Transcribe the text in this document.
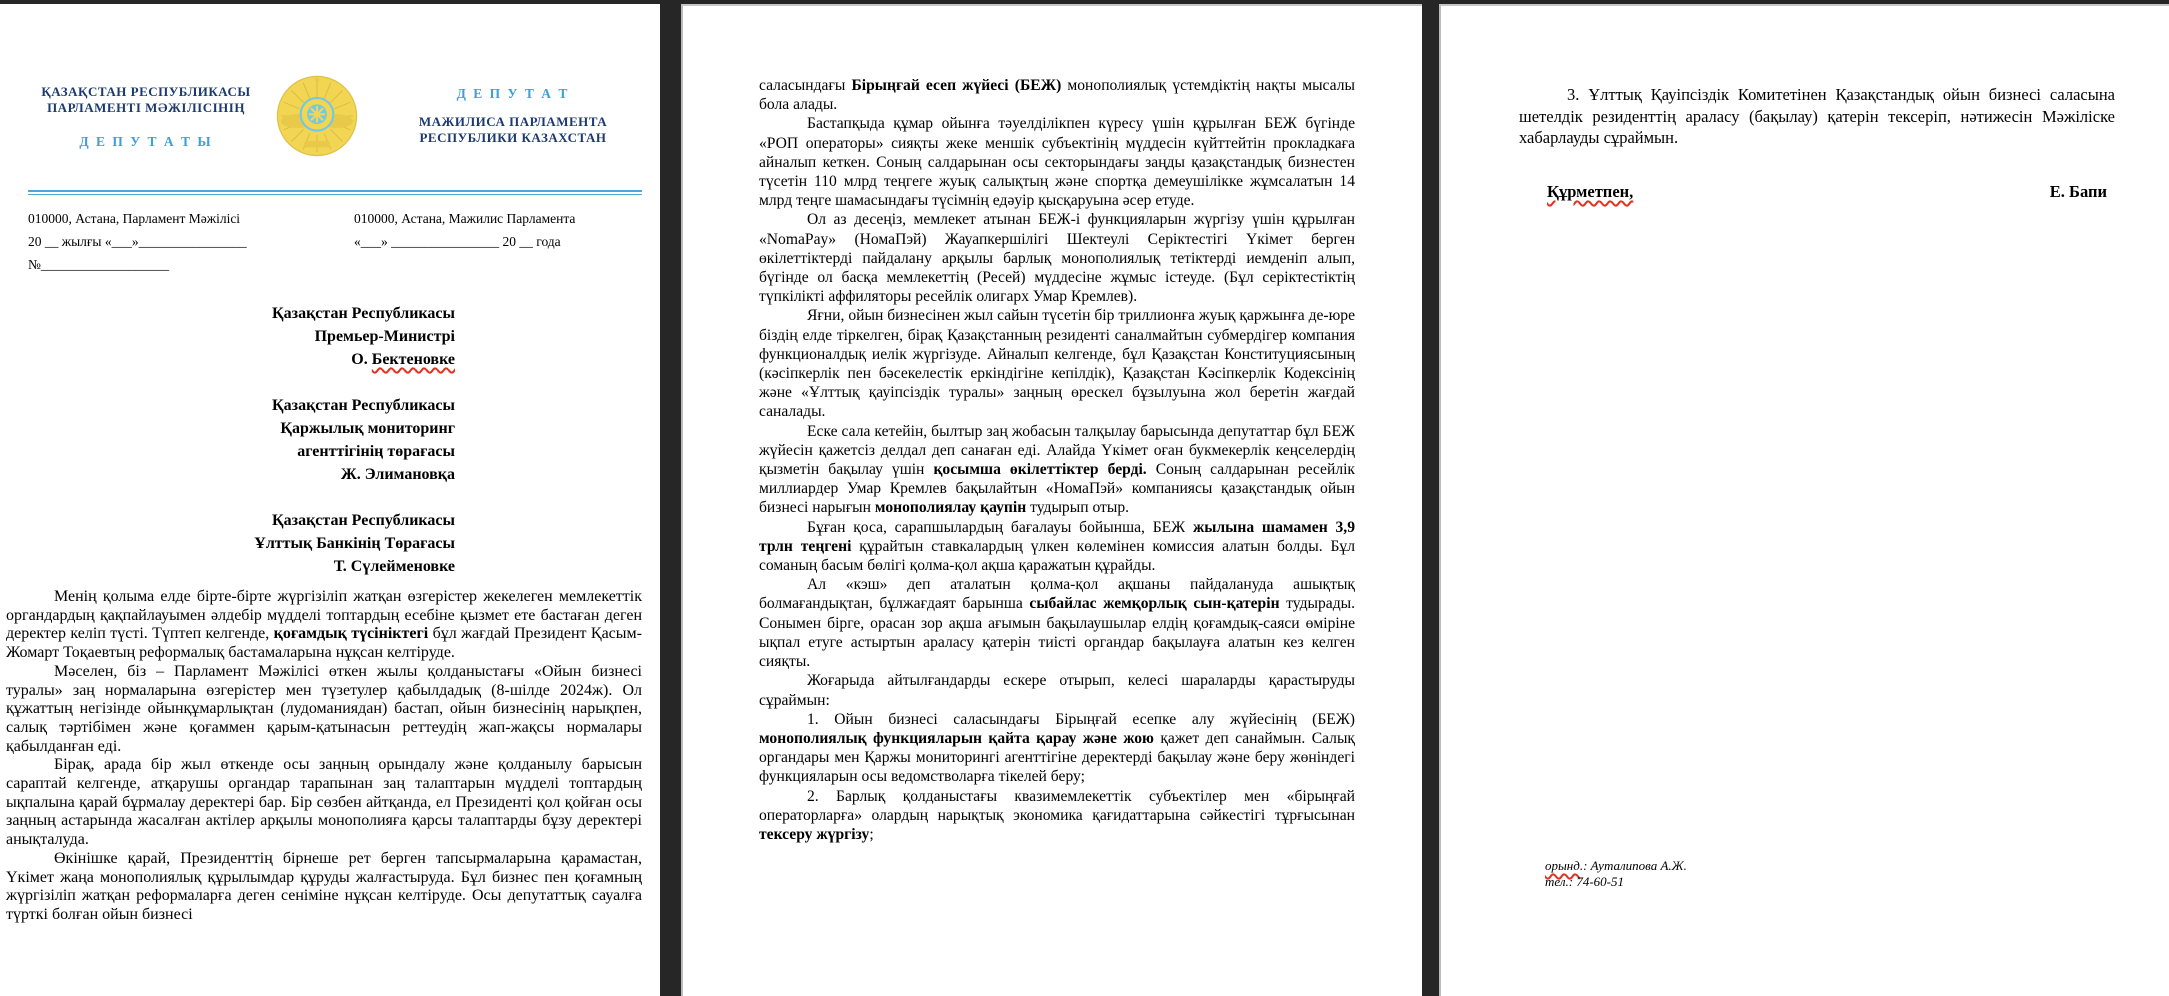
ҚАЗАҚСТАН РЕСПУБЛИКАСЫ
ПАРЛАМЕНТІ МӘЖІЛІСІНІҢ
Д Е П У Т А Т Ы
Д Е П У Т А Т
МАЖИЛИСА ПАРЛАМЕНТА
РЕСПУБЛИКИ КАЗАХСТАН
010000, Астана, Парламент Мәжілісі
20 __ жылғы «___»________________
№___________________
010000, Астана, Мажилис Парламента
«___» ________________ 20 __ года
Қазақстан Республикасы
Премьер-Министрі
О. Бектеновке
Қазақстан Республикасы
Қаржылық мониторинг
агенттігінің төрағасы
Ж. Элимановқа
Қазақстан Республикасы
Ұлттық Банкінің Төрағасы
Т. Сүлейменовке

Менің қолыма елде бірте-бірте жүргізіліп жатқан өзгерістер жекелеген мемлекеттік органдардың қақпайлауымен әлдебір мүдделі топтардың есебіне қызмет ете бастаған деген деректер келіп түсті. Түптеп келгенде, қоғамдық түсініктегі бұл жағдай Президент Қасым-Жомарт Тоқаевтың реформалық бастамаларына нұқсан келтіруде.

Мәселен, біз – Парламент Мәжілісі өткен жылы қолданыстағы «Ойын бизнесі туралы» заң нормаларына өзгерістер мен түзетулер қабылдадық (8-шілде 2024ж). Ол құжаттың негізінде ойынқұмарлықтан (лудоманиядан) бастап, ойын бизнесінің нарықпен, салық тәртібімен және қоғаммен қарым-қатынасын реттеудің жап-жақсы нормалары қабылданған еді.

Бірақ, арада бір жыл өткенде осы заңның орындалу және қолданылу барысын сараптай келгенде, атқарушы органдар тарапынан заң талаптарын мүдделі топтардың ықпалына қарай бұрмалау деректері бар. Бір сөзбен айтқанда, ел Президенті қол қойған осы заңның астарында жасалған актілер арқылы монополияға қарсы талаптарды бұзу деректері анықталуда.

Өкінішке қарай, Президенттің бірнеше рет берген тапсырмаларына қарамастан, Үкімет жаңа монополиялық құрылымдар құруды жалғастыруда. Бұл бизнес пен қоғамның жүргізіліп жатқан реформаларға деген сеніміне нұқсан келтіруде. Осы депутаттық сауалға түрткі болған ойын бизнесі

саласындағы Бірыңғай есеп жүйесі (БЕЖ) монополиялық үстемдіктің нақты мысалы бола алады.

Бастапқыда құмар ойынға тәуелділікпен күресу үшін құрылған БЕЖ бүгінде «РОП операторы» сияқты жеке меншік субъектінің мүддесін күйттейтін прокладкаға айналып кеткен. Соның салдарынан осы секторындағы заңды қазақстандық бизнестен түсетін 110 млрд теңгеге жуық салықтың және спортқа демеушілікке жұмсалатын 14 млрд теңге шамасындағы түсімнің едәуір қысқаруына әсер етуде.

Ол аз десеңіз, мемлекет атынан БЕЖ-і функцияларын жүргізу үшін құрылған «NomaPay» (НомаПэй) Жауапкершілігі Шектеулі Серіктестігі Үкімет берген өкілеттіктерді пайдалану арқылы барлық монополиялық тетіктерді иемденіп алып, бүгінде ол басқа мемлекеттің (Ресей) мүддесіне жұмыс істеуде. (Бұл серіктестіктің түпкілікті аффиляторы ресейлік олигарх Умар Кремлев).

Яғни, ойын бизнесінен жыл сайын түсетін бір триллионға жуық қаржынға де-юре біздің елде тіркелген, бірақ Қазақстанның резиденті саналмайтын субмердігер компания функционалдық иелік жүргізуде. Айналып келгенде, бұл Қазақстан Конституциясының (кәсіпкерлік пен бәсекелестік еркіндігіне кепілдік), Қазақстан Кәсіпкерлік Кодексінің және «Ұлттық қауіпсіздік туралы» заңның өрескел бұзылуына жол беретін жағдай саналады.

Еске сала кетейін, былтыр заң жобасын талқылау барысында депутаттар бұл БЕЖ жүйесін қажетсіз делдал деп санаған еді. Алайда Үкімет оған букмекерлік кеңселердің қызметін бақылау үшін қосымша өкілеттіктер берді. Соның салдарынан ресейлік миллиардер Умар Кремлев бақылайтын «НомаПэй» компаниясы қазақстандық ойын бизнесі нарығын монополиялау қаупін тудырып отыр.

Бұған қоса, сарапшылардың бағалауы бойынша, БЕЖ жылына шамамен 3,9 трлн теңгені құрайтын ставкалардың үлкен көлемінен комиссия алатын болды. Бұл соманың басым бөлігі қолма-қол ақша қаражатын құрайды.

Ал «кэш» деп аталатын қолма-қол ақшаны пайдалануда ашықтық болмағандықтан, бұлжағдаят барынша сыбайлас жемқорлық сын-қатерін тудырады. Сонымен бірге, орасан зор ақша ағымын бақылаушылар елдің қоғамдық-саяси өміріне ықпал етуге астыртын араласу қатерін тиісті органдар бақылауға алатын кез келген сияқты.

Жоғарыда айтылғандарды ескере отырып, келесі шараларды қарастыруды сұраймын:

1. Ойын бизнесі саласындағы Бірыңғай есепке алу жүйесінің (БЕЖ) монополиялық функцияларын қайта қарау және жою қажет деп санаймын. Салық органдары мен Қаржы мониторингі агенттігіне деректерді бақылау және беру жөніндегі функцияларын осы ведомстволарға тікелей беру;

2. Барлық қолданыстағы квазимемлекеттік субъектілер мен «бірыңғай операторларға» олардың нарықтық экономика қағидаттарына сәйкестігі тұрғысынан тексеру жүргізу;

3. Ұлттық Қауіпсіздік Комитетінен Қазақстандық ойын бизнесі саласына шетелдік резиденттің араласу (бақылау) қатерін тексеріп, нәтижесін Мәжіліске хабарлауды сұраймын.

Құрметпен,	Е. Бапи
орынд.: Ауталипова А.Ж.
тел.: 74-60-51
